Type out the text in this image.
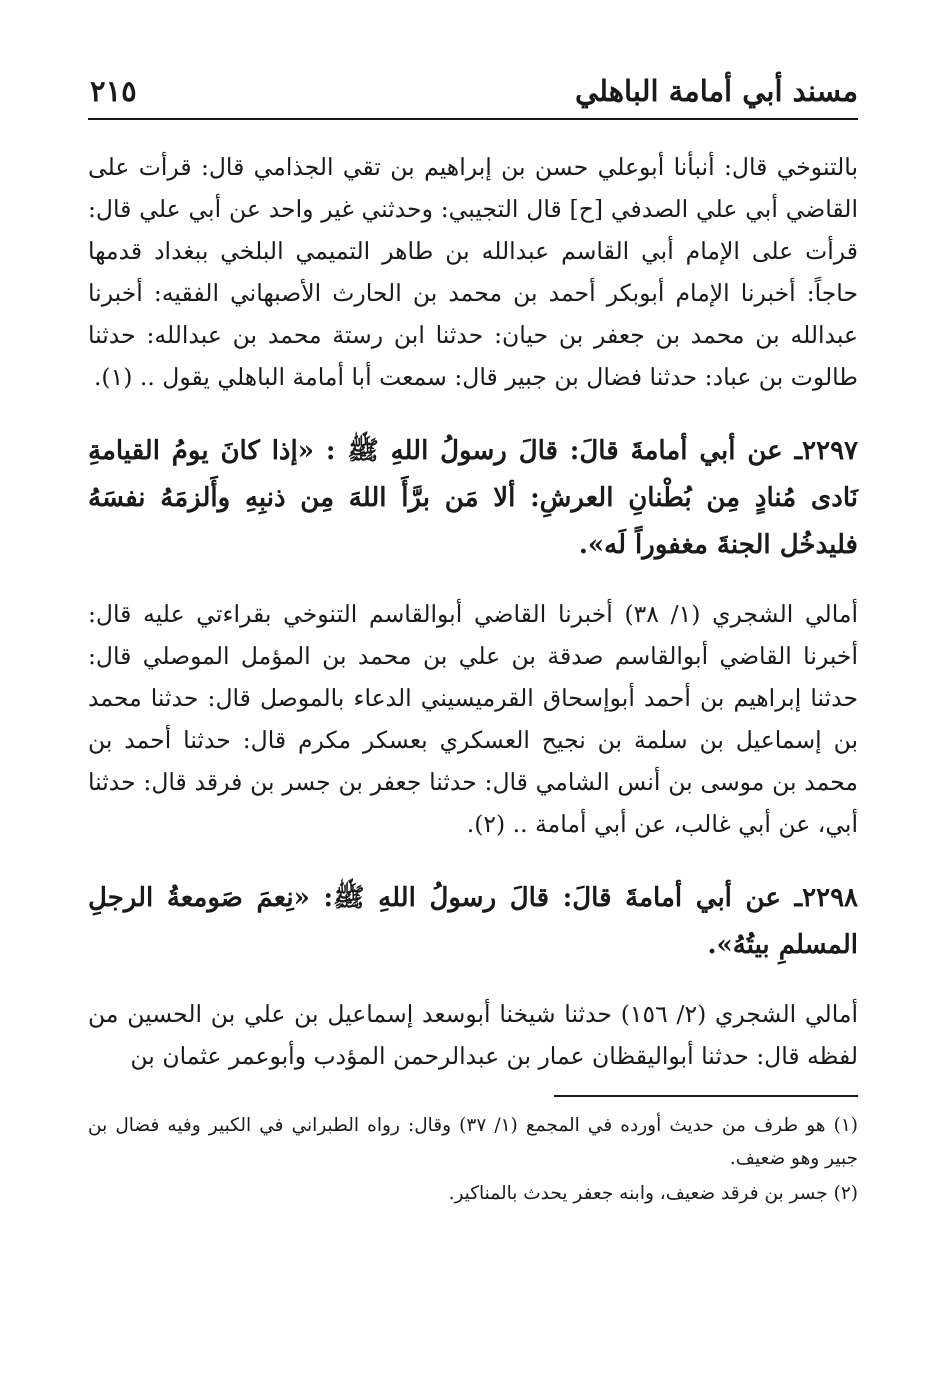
مسند أبي أمامة الباهلي
٢١٥

بالتنوخي قال: أنبأنا أبوعلي حسن بن إبراهيم بن تقي الجذامي قال: قرأت على القاضي أبي علي الصدفي [ح] قال التجيبي: وحدثني غير واحد عن أبي علي قال: قرأت على الإمام أبي القاسم عبدالله بن طاهر التميمي البلخي ببغداد قدمها حاجاً: أخبرنا الإمام أبوبكر أحمد بن محمد بن الحارث الأصبهاني الفقيه: أخبرنا عبدالله بن محمد بن جعفر بن حيان: حدثنا ابن رستة محمد بن عبدالله: حدثنا طالوت بن عباد: حدثنا فضال بن جبير قال: سمعت أبا أمامة الباهلي يقول .. (١).

٢٢٩٧ـ عن أبي أمامةَ قالَ: قالَ رسولُ اللهِ ﷺ : «إذا كانَ يومُ القيامةِ نَادى مُنادٍ مِن بُطْنانِ العرشِ: ألا مَن برَّأَ اللهَ مِن ذنبِهِ وأَلزمَهُ نفسَهُ فليدخُل الجنةَ مغفوراً لَه».

أمالي الشجري (١/ ٣٨) أخبرنا القاضي أبوالقاسم التنوخي بقراءتي عليه قال: أخبرنا القاضي أبوالقاسم صدقة بن علي بن محمد بن المؤمل الموصلي قال: حدثنا إبراهيم بن أحمد أبوإسحاق القرميسيني الدعاء بالموصل قال: حدثنا محمد بن إسماعيل بن سلمة بن نجيح العسكري بعسكر مكرم قال: حدثنا أحمد بن محمد بن موسى بن أنس الشامي قال: حدثنا جعفر بن جسر بن فرقد قال: حدثنا أبي، عن أبي غالب، عن أبي أمامة .. (٢).

٢٢٩٨ـ عن أبي أمامةَ قالَ: قالَ رسولُ اللهِ ﷺ: «نِعمَ صَومعةُ الرجلِ المسلمِ بيتُهُ».

أمالي الشجري (٢/ ١٥٦) حدثنا شيخنا أبوسعد إسماعيل بن علي بن الحسين من لفظه قال: حدثنا أبواليقظان عمار بن عبدالرحمن المؤدب وأبوعمر عثمان بن

(١) هو طرف من حديث أورده في المجمع (١/ ٣٧) وقال: رواه الطبراني في الكبير وفيه فضال بن جبير وهو ضعيف.

(٢) جسر بن فرقد ضعيف، وابنه جعفر يحدث بالمناكير.
